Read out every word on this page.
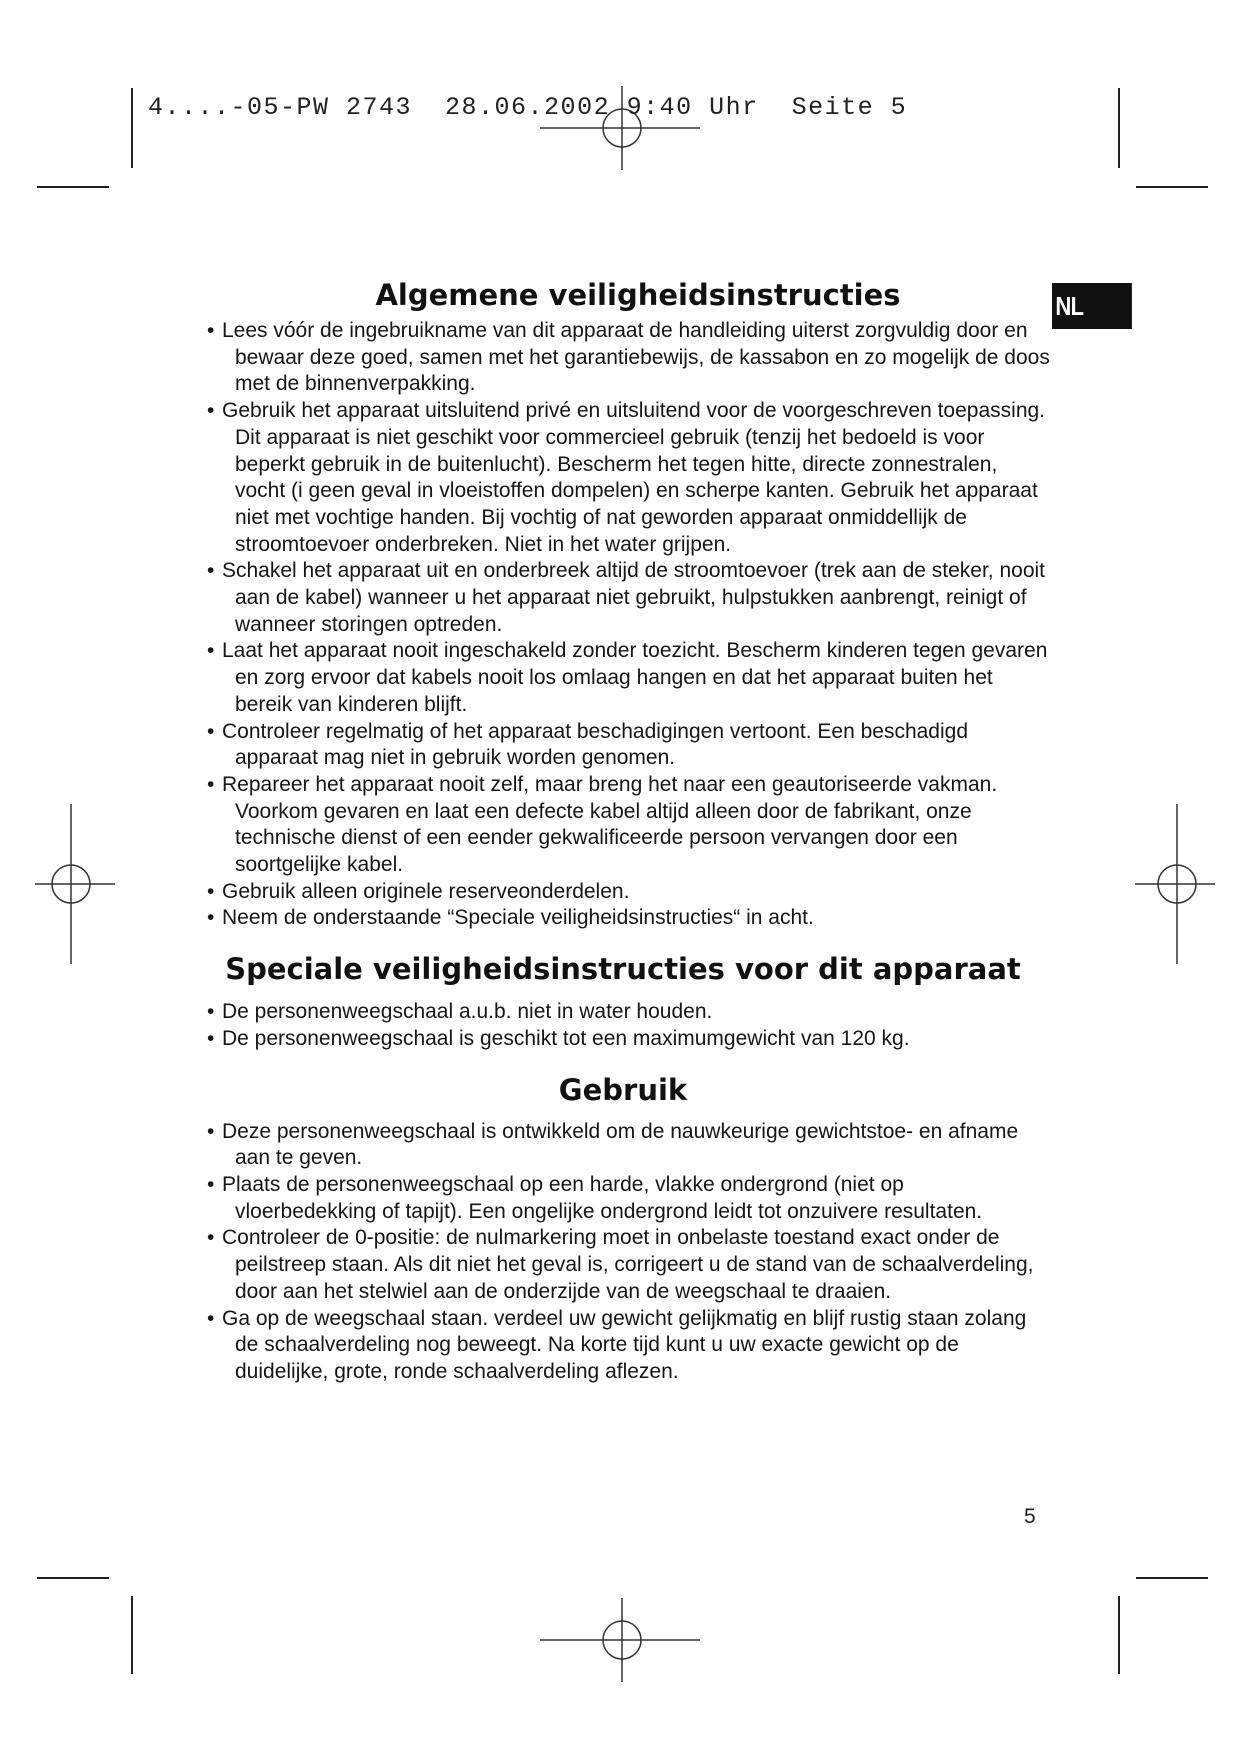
4....-05-PW 2743  28.06.2002 9:40 Uhr  Seite 5
NL
Algemene veiligheidsinstructies
• Lees vóór de ingebruikname van dit apparaat de handleiding uiterst zorgvuldig door en bewaar deze goed, samen met het garantiebewijs, de kassabon en zo mogelijk de doos met de binnenverpakking.
• Gebruik het apparaat uitsluitend privé en uitsluitend voor de voorgeschreven toepassing. Dit apparaat is niet geschikt voor commercieel gebruik (tenzij het bedoeld is voor beperkt gebruik in de buitenlucht). Bescherm het tegen hitte, directe zonnestralen, vocht (i geen geval in vloeistoffen dompelen) en scherpe kanten. Gebruik het apparaat niet met vochtige handen. Bij vochtig of nat geworden apparaat onmiddellijk de stroomtoevoer onderbreken. Niet in het water grijpen.
• Schakel het apparaat uit en onderbreek altijd de stroomtoevoer (trek aan de steker, nooit aan de kabel) wanneer u het apparaat niet gebruikt, hulpstukken aanbrengt, reinigt of wanneer storingen optreden.
• Laat het apparaat nooit ingeschakeld zonder toezicht. Bescherm kinderen tegen gevaren en zorg ervoor dat kabels nooit los omlaag hangen en dat het apparaat buiten het bereik van kinderen blijft.
• Controleer regelmatig of het apparaat beschadigingen vertoont. Een beschadigd apparaat mag niet in gebruik worden genomen.
• Repareer het apparaat nooit zelf, maar breng het naar een geautoriseerde vakman. Voorkom gevaren en laat een defecte kabel altijd alleen door de fabrikant, onze technische dienst of een eender gekwalificeerde persoon vervangen door een soortgelijke kabel.
• Gebruik alleen originele reserveonderdelen.
• Neem de onderstaande “Speciale veiligheidsinstructies“ in acht.
Speciale veiligheidsinstructies voor dit apparaat
• De personenweegschaal a.u.b. niet in water houden.
• De personenweegschaal is geschikt tot een maximumgewicht van 120 kg.
Gebruik
• Deze personenweegschaal is ontwikkeld om de nauwkeurige gewichtstoe- en afname aan te geven.
• Plaats de personenweegschaal op een harde, vlakke ondergrond (niet op vloerbedekking of tapijt). Een ongelijke ondergrond leidt tot onzuivere resultaten.
• Controleer de 0-positie: de nulmarkering moet in onbelaste toestand exact onder de peilstreep staan. Als dit niet het geval is, corrigeert u de stand van de schaalverdeling, door aan het stelwiel aan de onderzijde van de weegschaal te draaien.
• Ga op de weegschaal staan. verdeel uw gewicht gelijkmatig en blijf rustig staan zolang de schaalverdeling nog beweegt. Na korte tijd kunt u uw exacte gewicht op de duidelijke, grote, ronde schaalverdeling aflezen.
5
